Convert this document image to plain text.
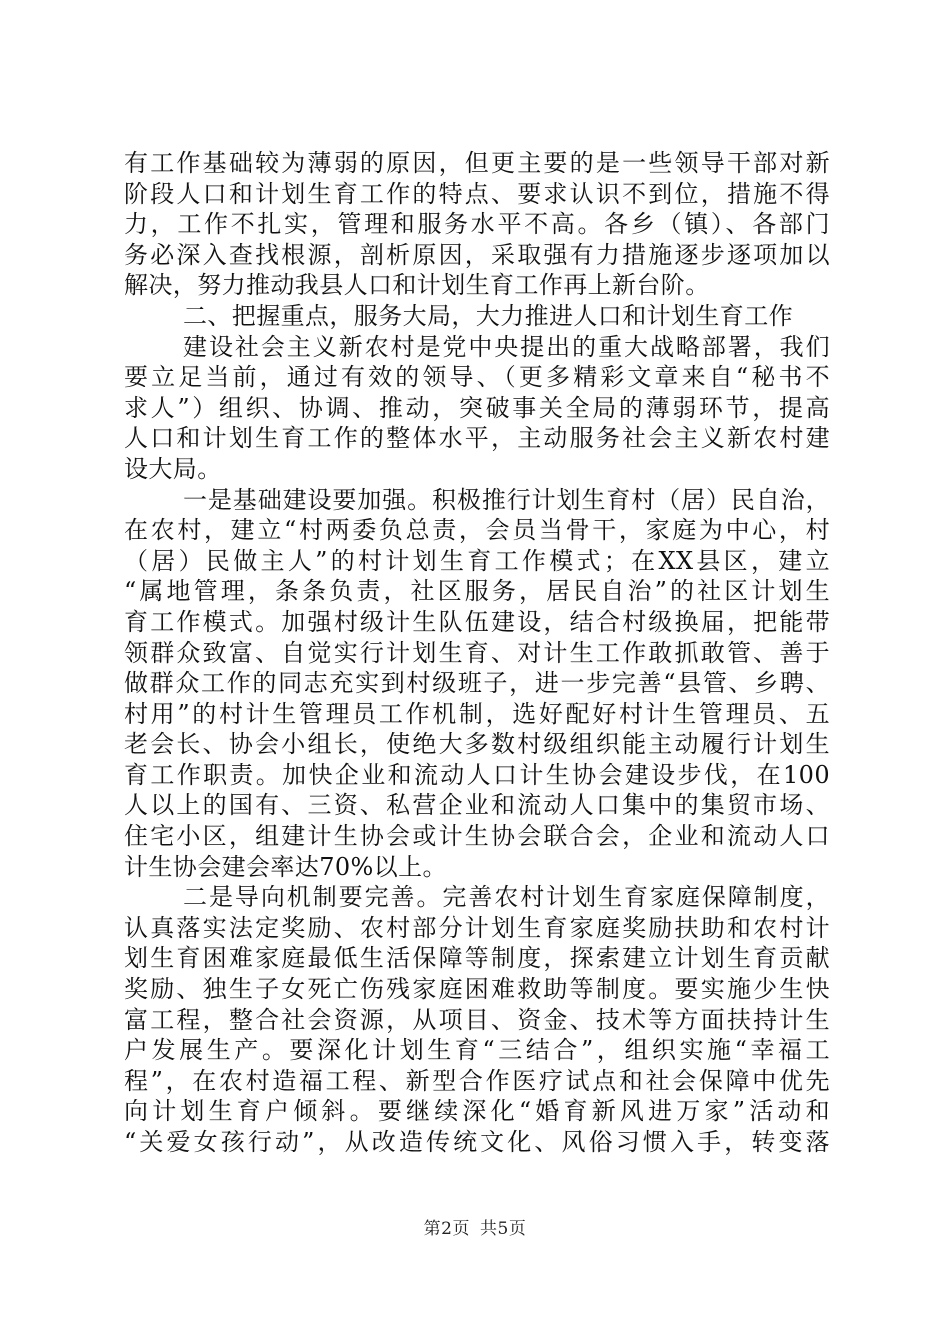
有工作基础较为薄弱的原因，但更主要的是一些领导干部对新
阶段人口和计划生育工作的特点、要求认识不到位，措施不得
力，工作不扎实，管理和服务水平不高。各乡（镇）、各部门
务必深入查找根源，剖析原因，采取强有力措施逐步逐项加以
解决，努力推动我县人口和计划生育工作再上新台阶。
二、把握重点，服务大局，大力推进人口和计划生育工作
建设社会主义新农村是党中央提出的重大战略部署，我们
要立足当前，通过有效的领导、（更多精彩文章来自“秘书不
求人”）组织、协调、推动，突破事关全局的薄弱环节，提高
人口和计划生育工作的整体水平，主动服务社会主义新农村建
设大局。
一是基础建设要加强。积极推行计划生育村（居）民自治，
在农村，建立“村两委负总责，会员当骨干，家庭为中心，村
（居）民做主人”的村计划生育工作模式；在XX县区，建立
“属地管理，条条负责，社区服务，居民自治”的社区计划生
育工作模式。加强村级计生队伍建设，结合村级换届，把能带
领群众致富、自觉实行计划生育、对计生工作敢抓敢管、善于
做群众工作的同志充实到村级班子，进一步完善“县管、乡聘、
村用”的村计生管理员工作机制，选好配好村计生管理员、五
老会长、协会小组长，使绝大多数村级组织能主动履行计划生
育工作职责。加快企业和流动人口计生协会建设步伐，在100
人以上的国有、三资、私营企业和流动人口集中的集贸市场、
住宅小区，组建计生协会或计生协会联合会，企业和流动人口
计生协会建会率达70%以上。
二是导向机制要完善。完善农村计划生育家庭保障制度，
认真落实法定奖励、农村部分计划生育家庭奖励扶助和农村计
划生育困难家庭最低生活保障等制度，探索建立计划生育贡献
奖励、独生子女死亡伤残家庭困难救助等制度。要实施少生快
富工程，整合社会资源，从项目、资金、技术等方面扶持计生
户发展生产。要深化计划生育“三结合”，组织实施“幸福工
程”，在农村造福工程、新型合作医疗试点和社会保障中优先
向计划生育户倾斜。要继续深化“婚育新风进万家”活动和
“关爱女孩行动”，从改造传统文化、风俗习惯入手，转变落
第2页 共5页
